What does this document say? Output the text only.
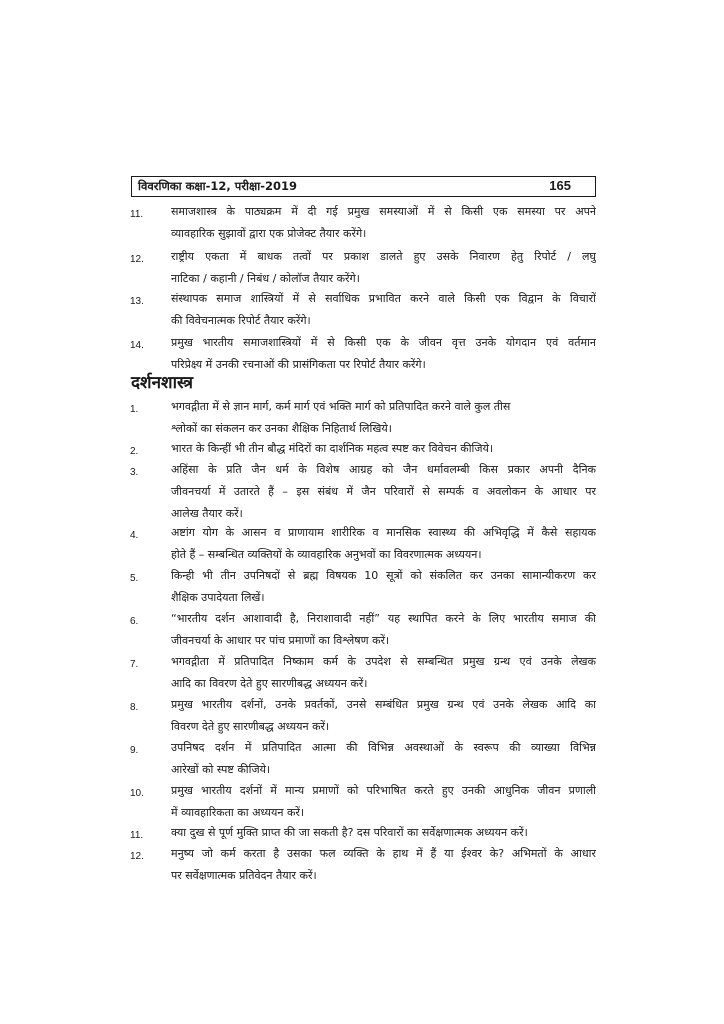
विवरणिका कक्षा-12, परीक्षा-2019	165
11.	समाजशास्त्र के पाठ्यक्रम में दी गई प्रमुख समस्याओं में से किसी एक समस्या पर अपने
व्यावहारिक सुझावों द्वारा एक प्रोजेक्ट तैयार करेंगे।
12. राष्ट्रीय एकता में बाधक तत्वों पर प्रकाश डालते हुए उसके निवारण हेतु रिपोर्ट / लघु
नाटिका / कहानी / निबंध / कोलॉज तैयार करेंगे।
13. संस्थापक समाज शास्त्रियों में से सर्वाधिक प्रभावित करने वाले किसी एक विद्वान के विचारों
की विवेचनात्मक रिपोर्ट तैयार करेंगे।
14. प्रमुख भारतीय समाजशास्त्रियों में से किसी एक के जीवन वृत्त उनके योगदान एवं वर्तमान
परिप्रेक्ष्य में उनकी रचनाओं की प्रासंगिकता पर रिपोर्ट तैयार करेंगे।
दर्शनशास्त्र
1.	भगवद्गीता में से ज्ञान मार्ग, कर्म मार्ग एवं भक्ति मार्ग को प्रतिपादित करने वाले कुल तीस
श्लोकों का संकलन कर उनका शैक्षिक निहितार्थ लिखिये।
2.	भारत के किन्हीं भी तीन बौद्ध मंदिरों का दार्शनिक महत्व स्पष्ट कर विवेचन कीजिये।
3.	अहिंसा के प्रति जैन धर्म के विशेष आग्रह को जैन धर्मावलम्बी किस प्रकार अपनी दैनिक
जीवनचर्या में उतारते हैं – इस संबंध में जैन परिवारों से सम्पर्क व अवलोकन के आधार पर
आलेख तैयार करें।
4.	अष्टांग योग के आसन व प्राणायाम शारीरिक व मानसिक स्वास्थ्य की अभिवृद्धि में कैसे सहायक
होते हैं – सम्बन्धित व्यक्तियों के व्यावहारिक अनुभवों का विवरणात्मक अध्ययन।
5.	किन्ही भी तीन उपनिषदों से ब्रह्म विषयक 10 सूत्रों को संकलित कर उनका सामान्यीकरण कर
शैक्षिक उपादेयता लिखें।
6.	“भारतीय दर्शन आशावादी है, निराशावादी नहीं” यह स्थापित करने के लिए भारतीय समाज की
जीवनचर्या के आधार पर पांच प्रमाणों का विश्लेषण करें।
7.	भगवद्गीता में प्रतिपादित निष्काम कर्म के उपदेश से सम्बन्धित प्रमुख ग्रन्थ एवं उनके लेखक
आदि का विवरण देते हुए सारणीबद्ध अध्ययन करें।
8.	प्रमुख भारतीय दर्शनों, उनके प्रवर्तकों, उनसे सम्बंधित प्रमुख ग्रन्थ एवं उनके लेखक आदि का
विवरण देते हुए सारणीबद्ध अध्ययन करें।
9.	उपनिषद दर्शन में प्रतिपादित आत्मा की विभिन्न अवस्थाओं के स्वरूप की व्याख्या विभिन्न
आरेखों को स्पष्ट कीजिये।
10. प्रमुख भारतीय दर्शनों में मान्य प्रमाणों को परिभाषित करते हुए उनकी आधुनिक जीवन प्रणाली
में व्यावहारिकता का अध्ययन करें।
11.	क्या दुख से पूर्ण मुक्ति प्राप्त की जा सकती है? दस परिवारों का सर्वेक्षणात्मक अध्ययन करें।
12. मनुष्य जो कर्म करता है उसका फल व्यक्ति के हाथ में हैं या ईश्वर के? अभिमतों के आधार
पर सर्वेक्षणात्मक प्रतिवेदन तैयार करें।
